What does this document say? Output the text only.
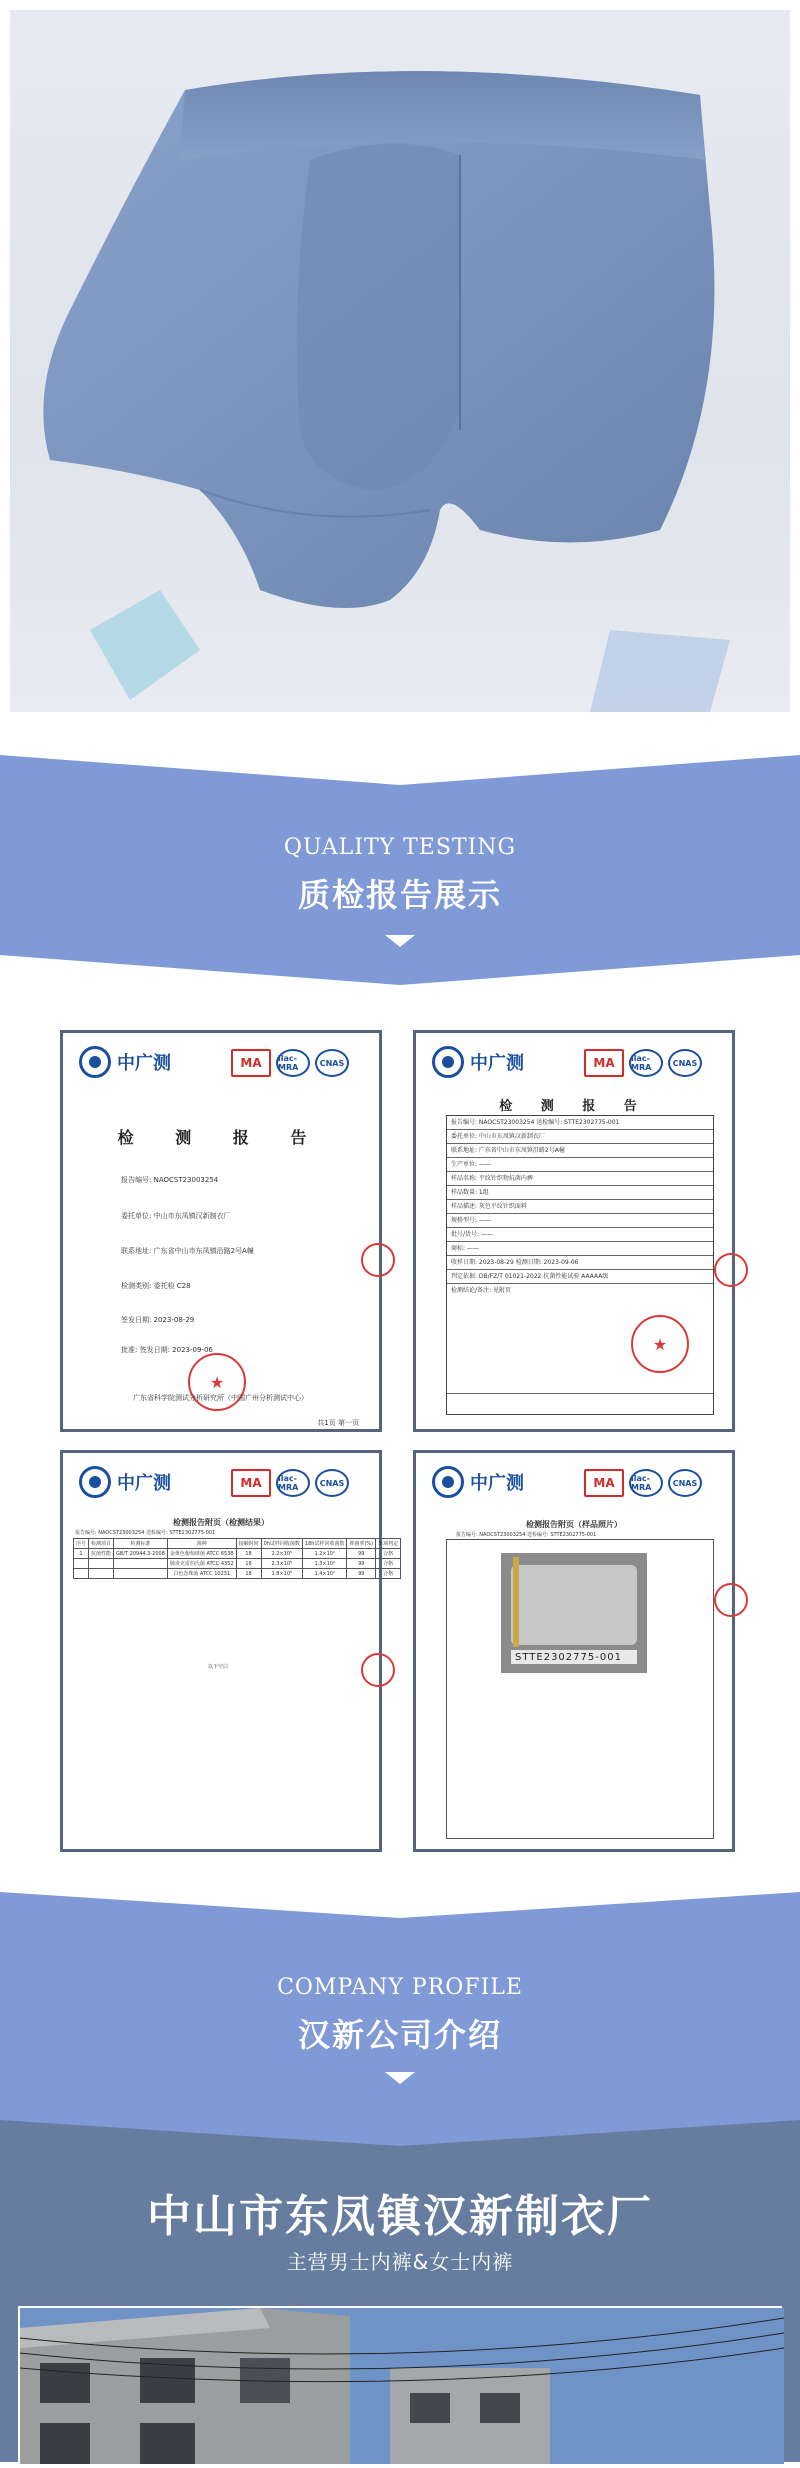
QUALITY TESTING
质检报告展示
中广测	MA	ilac-MRA	CNAS
检 测 报 告
报告编号: NAOCST23003254
委托单位: 中山市东凤镇汉新制衣厂
联系地址: 广东省中山市东凤镇沿路2号A幢
检测类别: 委托检 C28
签发日期: 2023-08-29
批准: 签发日期: 2023-09-06
★
广东省科学院测试分析研究所（中国广州分析测试中心）
共1页 第一页
中广测	MA	ilac-MRA	CNAS
检 测 报 告
报告编号: NAOCST23003254 送检编号: STTE2302775-001
委托单位: 中山市东凤镇汉新制衣厂
联系地址: 广东省中山市东凤镇沿路2号A幢
生产单位: ——
样品名称: 平纹针织物抗菌内裤
样品数量: 1组
样品描述: 灰色平纹针织面料
规格型号: ——
批号/货号: ——
商标: ——
收样日期: 2023-08-29 检测日期: 2023-09-06
判定依据: DB/FZ/T 01021-2022 抗菌性能试验 AAAAA级
检测结论/备注: 见附页
★
中广测	MA	ilac-MRA	CNAS
检测报告附页（检测结果）
报告编号: NAOCST23003254 送检编号: STTE2302775-001
序号	检测项目	检测标准	菌种	接触时间	0h试样回收菌数	18h试样回收菌数	抑菌率(%)	单项判定
1	抗菌性能	GB/T 20944.3-2008	金黄色葡萄球菌 ATCC 6538	18	2.2×10⁵	1.2×10²	99	合格
			肺炎克雷伯氏菌 ATCC 4352	18	2.3×10⁵	1.3×10²	99	合格
			白色念珠菌 ATCC 10231	18	1.8×10⁵	1.4×10²	99	合格
以下空白
中广测	MA	ilac-MRA	CNAS
检测报告附页（样品照片）
报告编号: NAOCST23003254 送检编号: STTE2302775-001
STTE2302775-001
COMPANY PROFILE
汉新公司介绍
中山市东凤镇汉新制衣厂
主营男士内裤&女士内裤
